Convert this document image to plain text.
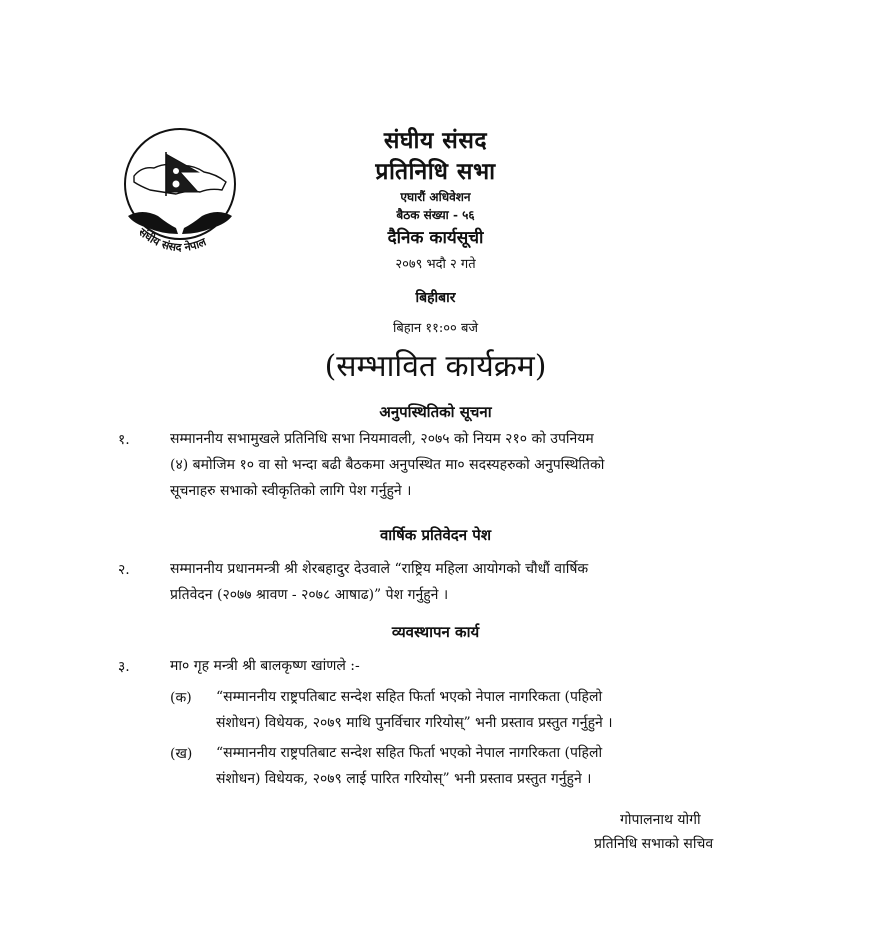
संघीय संसद नेपाल
संघीय संसद
प्रतिनिधि सभा
एघारौं अधिवेशन
बैठक संख्या - ५६
दैनिक कार्यसूची
२०७९ भदौ २ गते
बिहीबार
बिहान ११:०० बजे
(सम्भावित कार्यक्रम)
अनुपस्थितिको सूचना
१.	सम्माननीय सभामुखले प्रतिनिधि सभा नियमावली, २०७५ को नियम २१० को उपनियम
(४) बमोजिम १० वा सो भन्दा बढी बैठकमा अनुपस्थित मा० सदस्यहरुको अनुपस्थितिको
सूचनाहरु सभाको स्वीकृतिको लागि पेश गर्नुहुने ।
वार्षिक प्रतिवेदन पेश
२.	सम्माननीय प्रधानमन्त्री श्री शेरबहादुर देउवाले “राष्ट्रिय महिला आयोगको चौधौं वार्षिक
प्रतिवेदन (२०७७ श्रावण - २०७८ आषाढ)” पेश गर्नुहुने ।
व्यवस्थापन कार्य
३.	मा० गृह मन्त्री श्री बालकृष्ण खांणले :-
(क) “सम्माननीय राष्ट्रपतिबाट सन्देश सहित फिर्ता भएको नेपाल नागरिकता (पहिलो
संशोधन) विधेयक, २०७९ माथि पुनर्विचार गरियोस्” भनी प्रस्ताव प्रस्तुत गर्नुहुने ।
(ख) “सम्माननीय राष्ट्रपतिबाट सन्देश सहित फिर्ता भएको नेपाल नागरिकता (पहिलो
संशोधन) विधेयक, २०७९ लाई पारित गरियोस्” भनी प्रस्ताव प्रस्तुत गर्नुहुने ।
गोपालनाथ योगी
प्रतिनिधि सभाको सचिव
